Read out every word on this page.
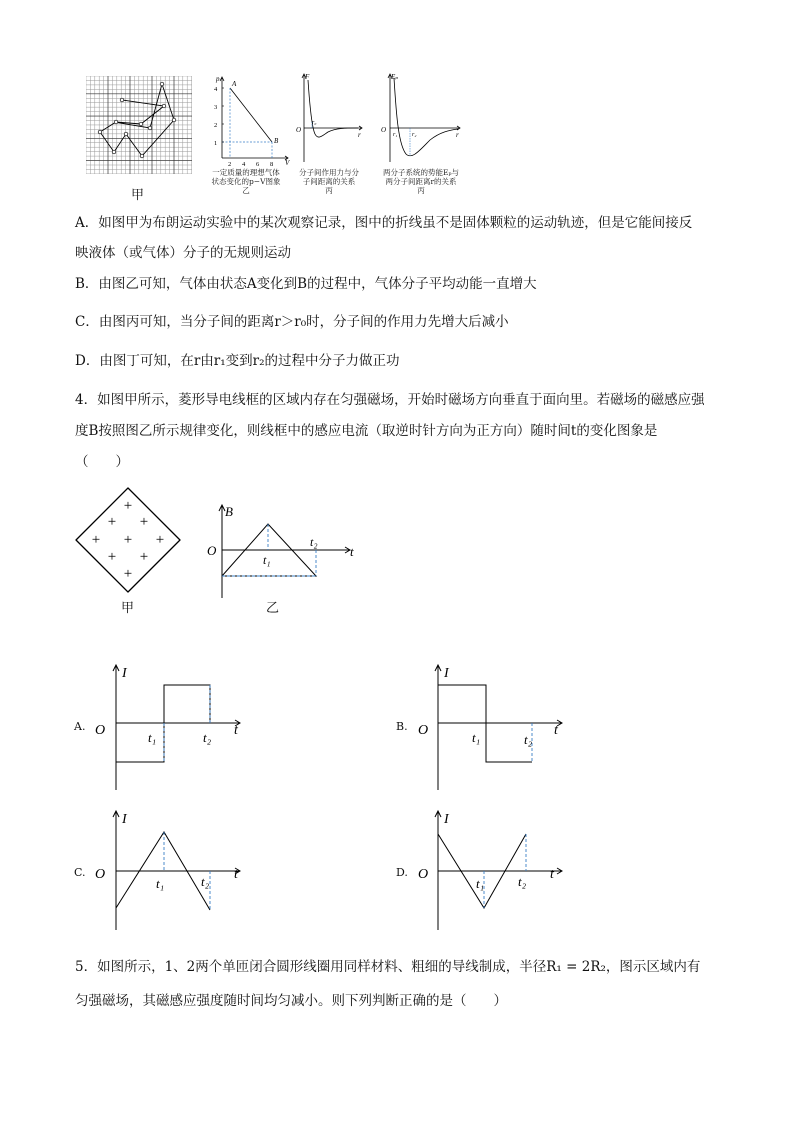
甲
p
A
B
V
4
3
2
1
2 4 6 8
一定质量的理想气体
状态变化的p−V图象
乙
F
O
r₀
r
分子间作用力与分
子间距离的关系
丙
Eₚ
O
r₁ r₂	r
两分子系统的势能Eₚ与
两分子间距离r的关系
丙
A．如图甲为布朗运动实验中的某次观察记录，图中的折线虽不是固体颗粒的运动轨迹，但是它能间接反
映液体（或气体）分子的无规则运动
B．由图乙可知，气体由状态A变化到B的过程中，气体分子平均动能一直增大
C．由图丙可知，当分子间的距离r＞r₀时，分子间的作用力先增大后减小
D．由图丁可知，在r由r₁变到r₂的过程中分子力做正功
4．如图甲所示，菱形导电线框的区域内存在匀强磁场，开始时磁场方向垂直于面向里。若磁场的磁感应强
度B按照图乙所示规律变化，则线框中的感应电流（取逆时针方向为正方向）随时间t的变化图象是
（　　）
+
+ +
+ + +
+ +
+
甲
B
O
t₁
t₂
t
乙
A.
I
O	t₁	t₂ t	B.
I
O	t₁	t₂
t
C.
I
O
t₁	t₂ t	D.
I
O
t₁	t₂ t
5．如图所示，1、2两个单匝闭合圆形线圈用同样材料、粗细的导线制成，半径R₁ = 2R₂，图示区域内有
匀强磁场，其磁感应强度随时间均匀减小。则下列判断正确的是（　　）
